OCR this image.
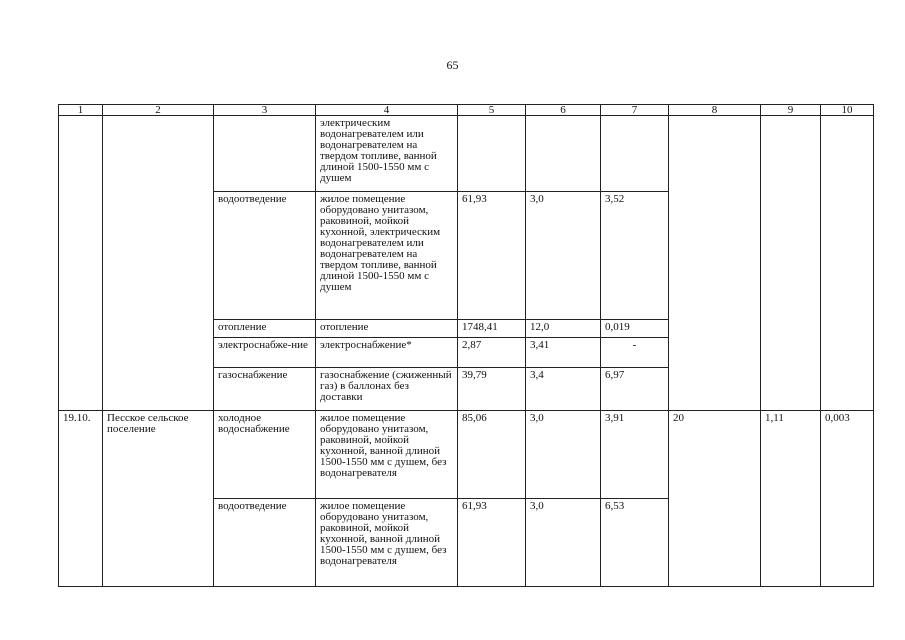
65
1	2	3	4	5	6	7	8	9	10
			электрическим водонагревателем или водонагревателем на твердом топливе, ванной длиной 1500-1550 мм с душем						
		водоотведение	жилое помещение оборудовано унитазом, раковиной, мойкой кухонной, электрическим водонагревателем или водонагревателем на твердом топливе, ванной длиной 1500-1550 мм с душем	61,93	3,0	3,52			
		отопление	отопление	1748,41	12,0	0,019			
		электроснабже-ние	электроснабжение*	2,87	3,41	-			
		газоснабжение	газоснабжение (сжиженный газ) в баллонах без доставки	39,79	3,4	6,97			
19.10.	Песское сельское поселение	холодное водоснабжение	жилое помещение оборудовано унитазом, раковиной, мойкой кухонной, ванной длиной 1500-1550 мм с душем, без водонагревателя	85,06	3,0	3,91	20	1,11	0,003
		водоотведение	жилое помещение оборудовано унитазом, раковиной, мойкой кухонной, ванной длиной 1500-1550 мм с душем, без водонагревателя	61,93	3,0	6,53			
